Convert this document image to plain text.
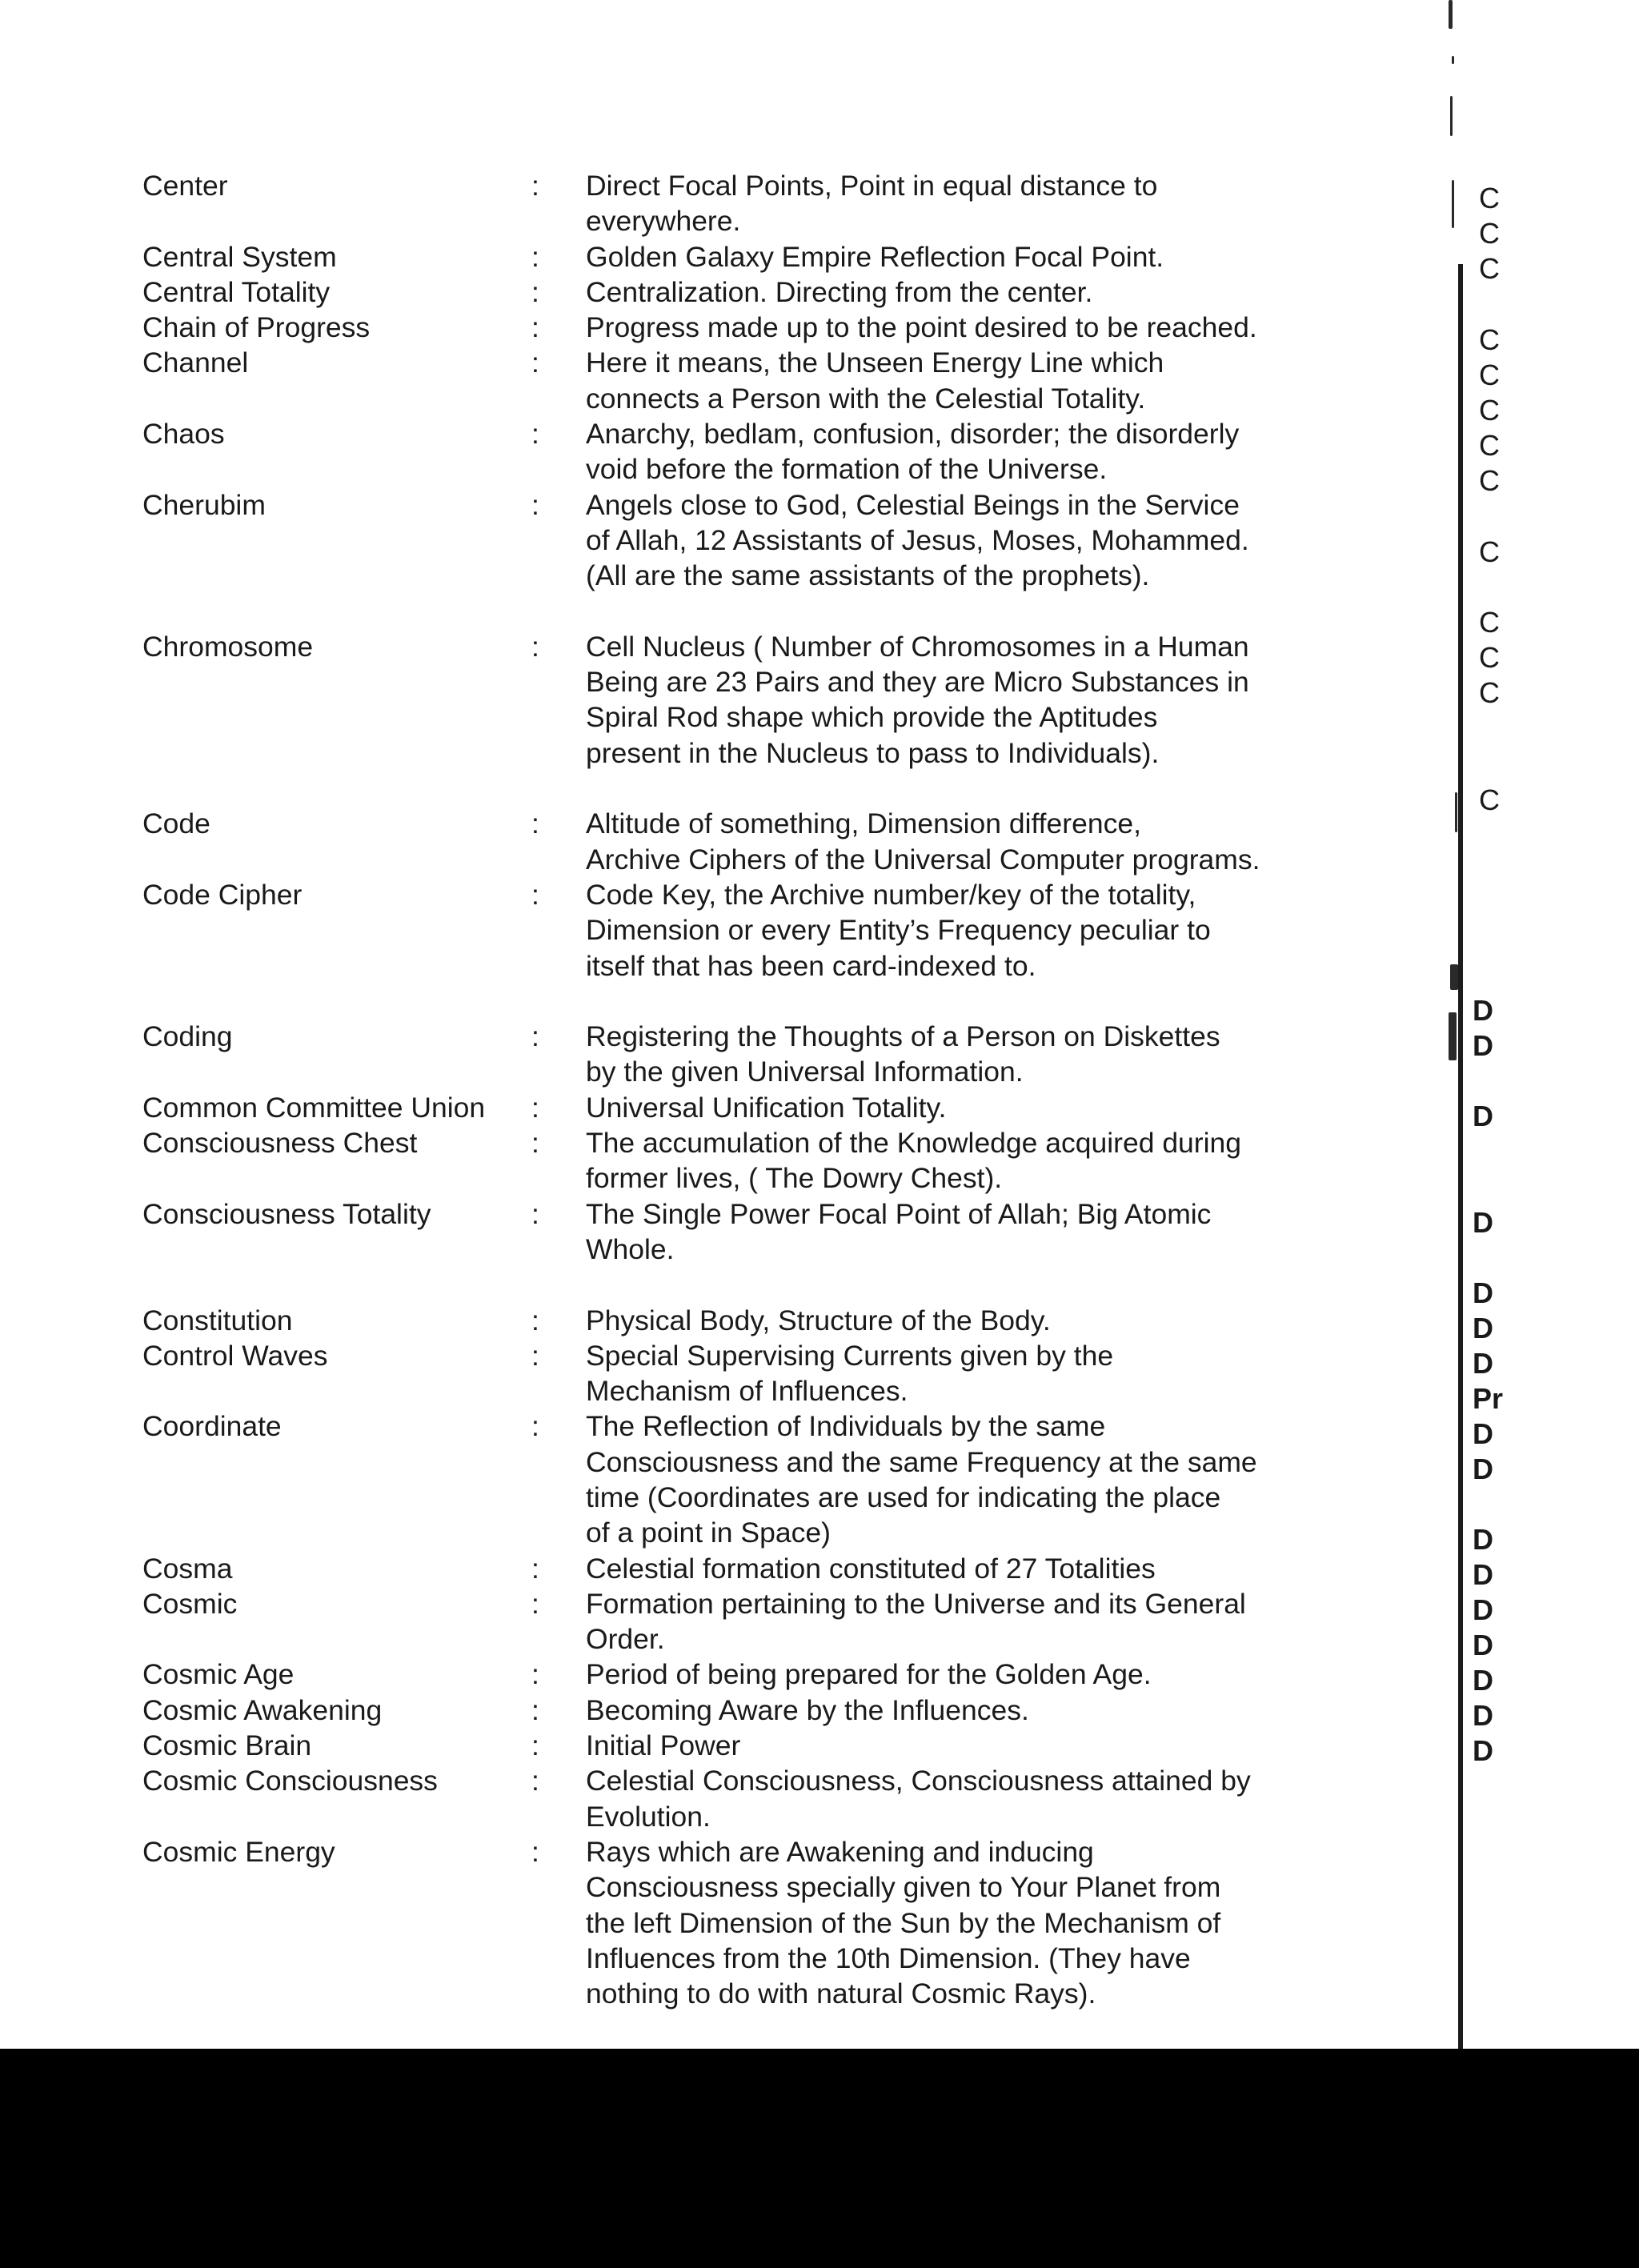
Center	:	Direct Focal Points, Point in equal distance to
everywhere.
Central System	:	Golden Galaxy Empire Reflection Focal Point.
Central Totality	:	Centralization. Directing from the center.
Chain of Progress	:	Progress made up to the point desired to be reached.
Channel	:	Here it means, the Unseen Energy Line which
connects a Person with the Celestial Totality.
Chaos	:	Anarchy, bedlam, confusion, disorder; the disorderly
void before the formation of the Universe.
Cherubim	:	Angels close to God, Celestial Beings in the Service
of Allah, 12 Assistants of Jesus, Moses, Mohammed.
(All are the same assistants of the prophets).
Chromosome	:	Cell Nucleus ( Number of Chromosomes in a Human
Being are 23 Pairs and they are Micro Substances in
Spiral Rod shape which provide the Aptitudes
present in the Nucleus to pass to Individuals).
Code	:	Altitude of something, Dimension difference,
Archive Ciphers of the Universal Computer programs.
Code Cipher	:	Code Key, the Archive number/key of the totality,
Dimension or every Entity’s Frequency peculiar to
itself that has been card-indexed to.
Coding	:	Registering the Thoughts of a Person on Diskettes
by the given Universal Information.
Common Committee Union	:	Universal Unification Totality.
Consciousness Chest	:	The accumulation of the Knowledge acquired during
former lives, ( The Dowry Chest).
Consciousness Totality	:	The Single Power Focal Point of Allah; Big Atomic
Whole.
Constitution	:	Physical Body, Structure of the Body.
Control Waves	:	Special Supervising Currents given by the
Mechanism of Influences.
Coordinate	:	The Reflection of Individuals by the same
Consciousness and the same Frequency at the same
time (Coordinates are used for indicating the place
of a point in Space)
Cosma	:	Celestial formation constituted of 27 Totalities
Cosmic	:	Formation pertaining to the Universe and its General
Order.
Cosmic Age	:	Period of being prepared for the Golden Age.
Cosmic Awakening	:	Becoming Aware by the Influences.
Cosmic Brain	:	Initial Power
Cosmic Consciousness	:	Celestial Consciousness, Consciousness attained by
Evolution.
Cosmic Energy	:	Rays which are Awakening and inducing
Consciousness specially given to Your Planet from
the left Dimension of the Sun by the Mechanism of
Influences from the 10th Dimension. (They have
nothing to do with natural Cosmic Rays).
C
C
C
C
C
C
C
C
C
C
C
C
C
D
D
D
D
D
D
D
Pr
D
D
D
D
D
D
D
D
D
